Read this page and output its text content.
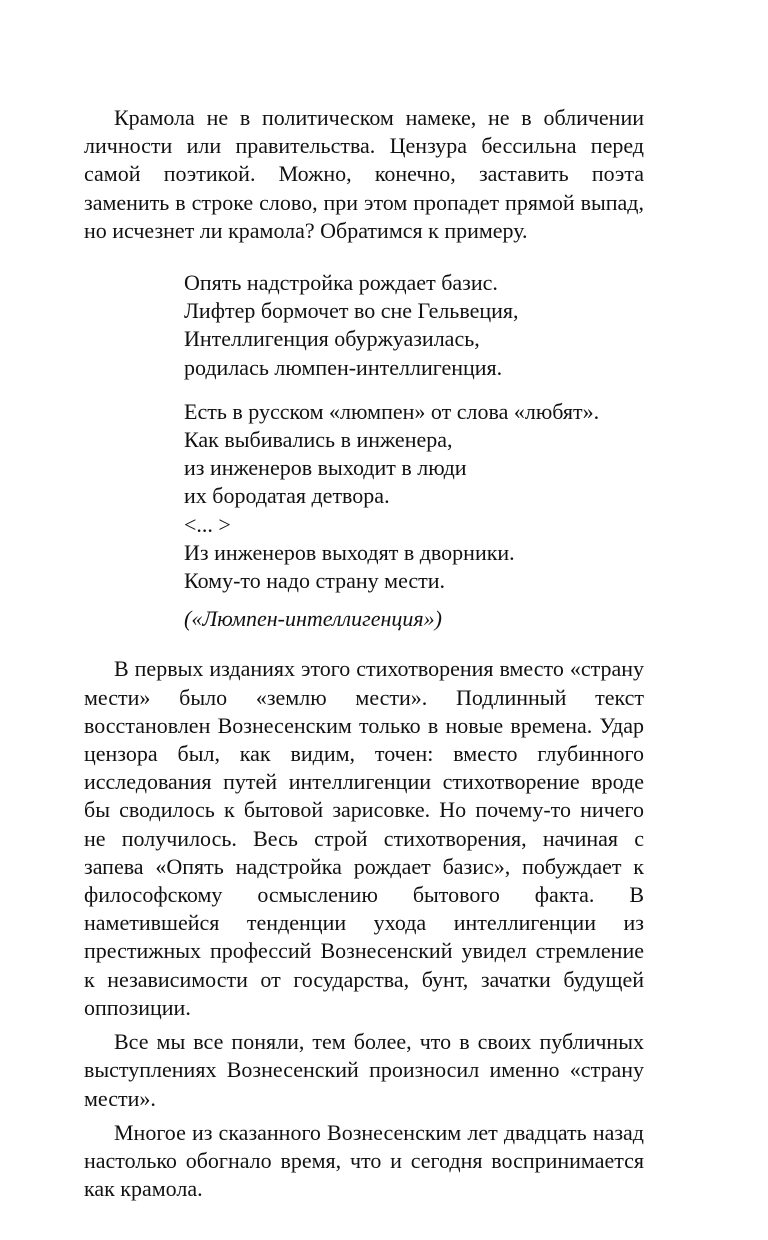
Крамола не в политическом намеке, не в обличении личности или правительства. Цензура бессильна перед самой поэтикой. Можно, конечно, заставить поэта заменить в строке слово, при этом пропадет прямой выпад, но исчезнет ли крамола? Обратимся к примеру.

Опять надстройка рождает базис.
Лифтер бормочет во сне Гельвеция,
Интеллигенция обуржуазилась,
родилась люмпен-интеллигенция.
Есть в русском «люмпен» от слова «любят».
Как выбивались в инженера,
из инженеров выходит в люди
их бородатая детвора.
<... >
Из инженеров выходят в дворники.
Кому-то надо страну мести.
(«Люмпен-интеллигенция»)

В первых изданиях этого стихотворения вместо «страну мести» было «землю мести». Подлинный текст восстановлен Вознесенским только в новые времена. Удар цензора был, как видим, точен: вместо глубинного исследования путей интеллигенции стихотворение вроде бы сводилось к бытовой зарисовке. Но почему-то ничего не получилось. Весь строй стихотворения, начиная с запева «Опять надстройка рождает базис», побуждает к философскому осмыслению бытового факта. В наметившейся тенденции ухода интеллигенции из престижных профессий Вознесенский увидел стремление к независимости от государства, бунт, зачатки будущей оппозиции.

Все мы все поняли, тем более, что в своих публичных выступлениях Вознесенский произносил именно «страну мести».

Многое из сказанного Вознесенским лет двадцать назад настолько обогнало время, что и сегодня воспринимается как крамола.
